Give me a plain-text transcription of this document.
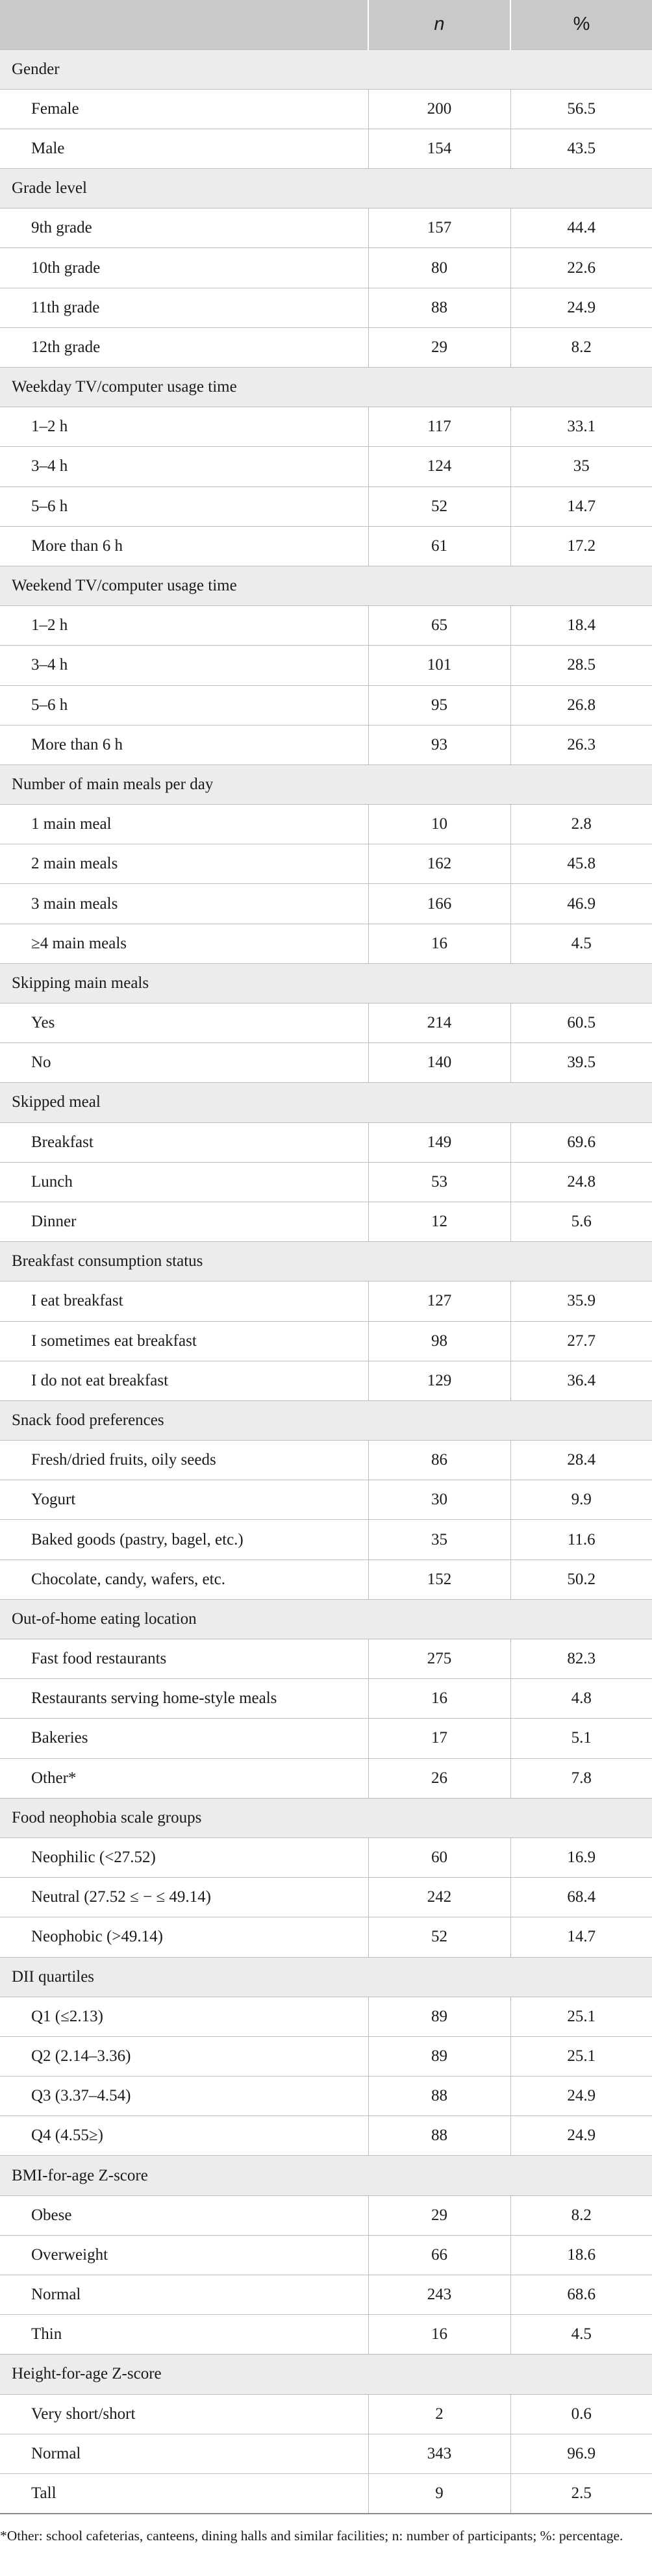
	n	%
Gender		
Female	200	56.5
Male	154	43.5
Grade level		
9th grade	157	44.4
10th grade	80	22.6
11th grade	88	24.9
12th grade	29	8.2
Weekday TV/computer usage time		
1–2 h	117	33.1
3–4 h	124	35
5–6 h	52	14.7
More than 6 h	61	17.2
Weekend TV/computer usage time		
1–2 h	65	18.4
3–4 h	101	28.5
5–6 h	95	26.8
More than 6 h	93	26.3
Number of main meals per day		
1 main meal	10	2.8
2 main meals	162	45.8
3 main meals	166	46.9
≥4 main meals	16	4.5
Skipping main meals		
Yes	214	60.5
No	140	39.5
Skipped meal		
Breakfast	149	69.6
Lunch	53	24.8
Dinner	12	5.6
Breakfast consumption status		
I eat breakfast	127	35.9
I sometimes eat breakfast	98	27.7
I do not eat breakfast	129	36.4
Snack food preferences		
Fresh/dried fruits, oily seeds	86	28.4
Yogurt	30	9.9
Baked goods (pastry, bagel, etc.)	35	11.6
Chocolate, candy, wafers, etc.	152	50.2
Out-of-home eating location		
Fast food restaurants	275	82.3
Restaurants serving home-style meals	16	4.8
Bakeries	17	5.1
Other*	26	7.8
Food neophobia scale groups		
Neophilic (<27.52)	60	16.9
Neutral (27.52 ≤ − ≤ 49.14)	242	68.4
Neophobic (>49.14)	52	14.7
DII quartiles		
Q1 (≤2.13)	89	25.1
Q2 (2.14–3.36)	89	25.1
Q3 (3.37–4.54)	88	24.9
Q4 (4.55≥)	88	24.9
BMI-for-age Z-score		
Obese	29	8.2
Overweight	66	18.6
Normal	243	68.6
Thin	16	4.5
Height-for-age Z-score		
Very short/short	2	0.6
Normal	343	96.9
Tall	9	2.5
*Other: school cafeterias, canteens, dining halls and similar facilities; n: number of participants; %: percentage.
